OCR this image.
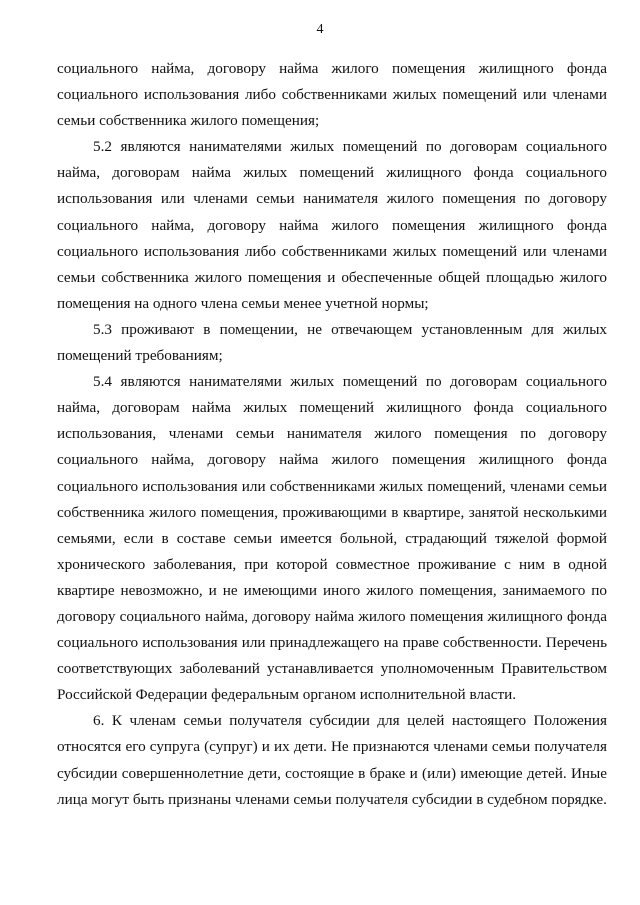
4

социального найма, договору найма жилого помещения жилищного фонда социального использования либо собственниками жилых помещений или членами семьи собственника жилого помещения;

5.2 являются нанимателями жилых помещений по договорам социального найма, договорам найма жилых помещений жилищного фонда социального использования или членами семьи нанимателя жилого помещения по договору социального найма, договору найма жилого помещения жилищного фонда социального использования либо собственниками жилых помещений или членами семьи собственника жилого помещения и обеспеченные общей площадью жилого помещения на одного члена семьи менее учетной нормы;

5.3 проживают в помещении, не отвечающем установленным для жилых помещений требованиям;

5.4 являются нанимателями жилых помещений по договорам социального найма, договорам найма жилых помещений жилищного фонда социального использования, членами семьи нанимателя жилого помещения по договору социального найма, договору найма жилого помещения жилищного фонда социального использования или собственниками жилых помещений, членами семьи собственника жилого помещения, проживающими в квартире, занятой несколькими семьями, если в составе семьи имеется больной, страдающий тяжелой формой хронического заболевания, при которой совместное проживание с ним в одной квартире невозможно, и не имеющими иного жилого помещения, занимаемого по договору социального найма, договору найма жилого помещения жилищного фонда социального использования или принадлежащего на праве собственности. Перечень соответствующих заболеваний устанавливается уполномоченным Правительством Российской Федерации федеральным органом исполнительной власти.

6. К членам семьи получателя субсидии для целей настоящего Положения относятся его супруга (супруг) и их дети. Не признаются членами семьи получателя субсидии совершеннолетние дети, состоящие в браке и (или) имеющие детей. Иные лица могут быть признаны членами семьи получателя субсидии в судебном порядке.
